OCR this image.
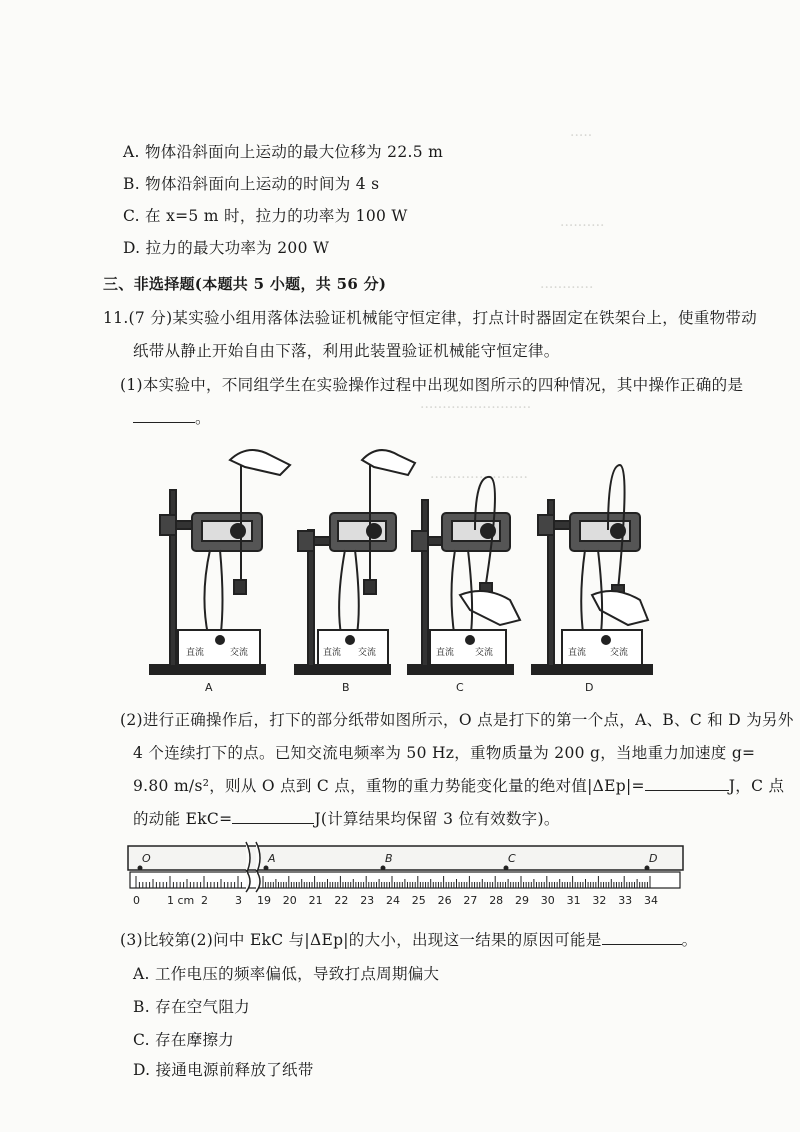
·····
··········
············
·························
······················
A. 物体沿斜面向上运动的最大位移为 22.5 m
B. 物体沿斜面向上运动的时间为 4 s
C. 在 x=5 m 时，拉力的功率为 100 W
D. 拉力的最大功率为 200 W
三、非选择题(本题共 5 小题，共 56 分)
11.(7 分)某实验小组用落体法验证机械能守恒定律，打点计时器固定在铁架台上，使重物带动
纸带从静止开始自由下落，利用此装置验证机械能守恒定律。
(1)本实验中，不同组学生在实验操作过程中出现如图所示的四种情况，其中操作正确的是
。
直流	交流
A
直流 交流
B
直流 交流
C
直流	交流
D
(2)进行正确操作后，打下的部分纸带如图所示，O 点是打下的第一个点，A、B、C 和 D 为另外
4 个连续打下的点。已知交流电频率为 50 Hz，重物质量为 200 g，当地重力加速度 g=
9.80 m/s²，则从 O 点到 C 点，重物的重力势能变化量的绝对值|ΔEp|=	J，C 点
的动能 EkC=	J(计算结果均保留 3 位有效数字)。
O	A	B	C	D
0 1 cm 2 3 19 20 21 22 23 24 25 26 27 28 29 30 31 32 33 34
(3)比较第(2)问中 EkC 与|ΔEp|的大小，出现这一结果的原因可能是	。
A. 工作电压的频率偏低，导致打点周期偏大
B. 存在空气阻力
C. 存在摩擦力
D. 接通电源前释放了纸带
